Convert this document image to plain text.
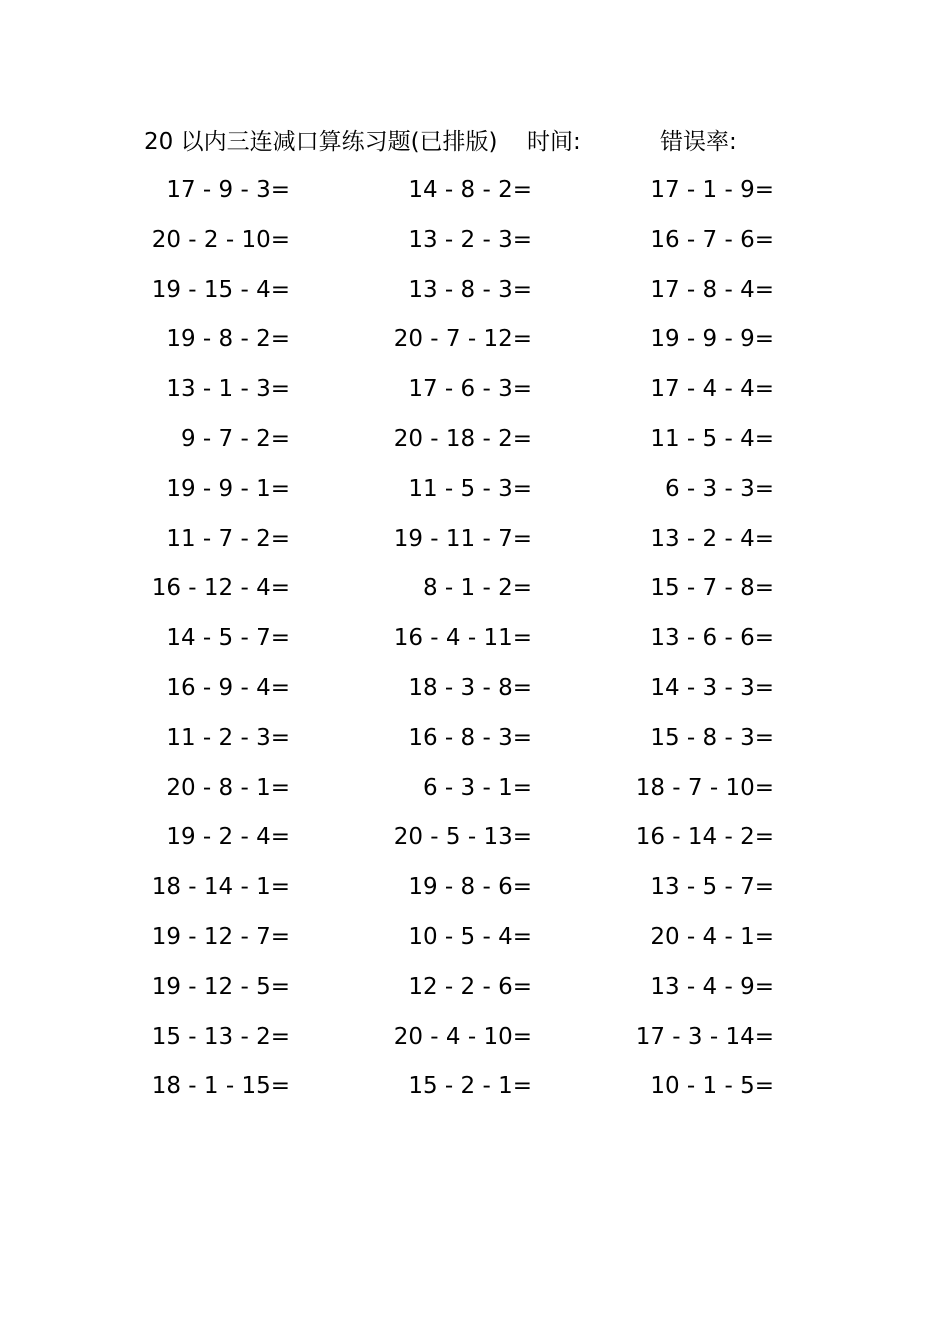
20 以内三连减口算练习题(已排版) 时间:	错误率:
17 - 9 - 3=	14 - 8 - 2=	17 - 1 - 9=
20 - 2 - 10=	13 - 2 - 3=	16 - 7 - 6=
19 - 15 - 4=	13 - 8 - 3=	17 - 8 - 4=
19 - 8 - 2=	20 - 7 - 12=	19 - 9 - 9=
13 - 1 - 3=	17 - 6 - 3=	17 - 4 - 4=
9 - 7 - 2=	20 - 18 - 2=	11 - 5 - 4=
19 - 9 - 1=	11 - 5 - 3=	6 - 3 - 3=
11 - 7 - 2=	19 - 11 - 7=	13 - 2 - 4=
16 - 12 - 4=	8 - 1 - 2=	15 - 7 - 8=
14 - 5 - 7=	16 - 4 - 11=	13 - 6 - 6=
16 - 9 - 4=	18 - 3 - 8=	14 - 3 - 3=
11 - 2 - 3=	16 - 8 - 3=	15 - 8 - 3=
20 - 8 - 1=	6 - 3 - 1=	18 - 7 - 10=
19 - 2 - 4=	20 - 5 - 13=	16 - 14 - 2=
18 - 14 - 1=	19 - 8 - 6=	13 - 5 - 7=
19 - 12 - 7=	10 - 5 - 4=	20 - 4 - 1=
19 - 12 - 5=	12 - 2 - 6=	13 - 4 - 9=
15 - 13 - 2=	20 - 4 - 10=	17 - 3 - 14=
18 - 1 - 15=	15 - 2 - 1=	10 - 1 - 5=
